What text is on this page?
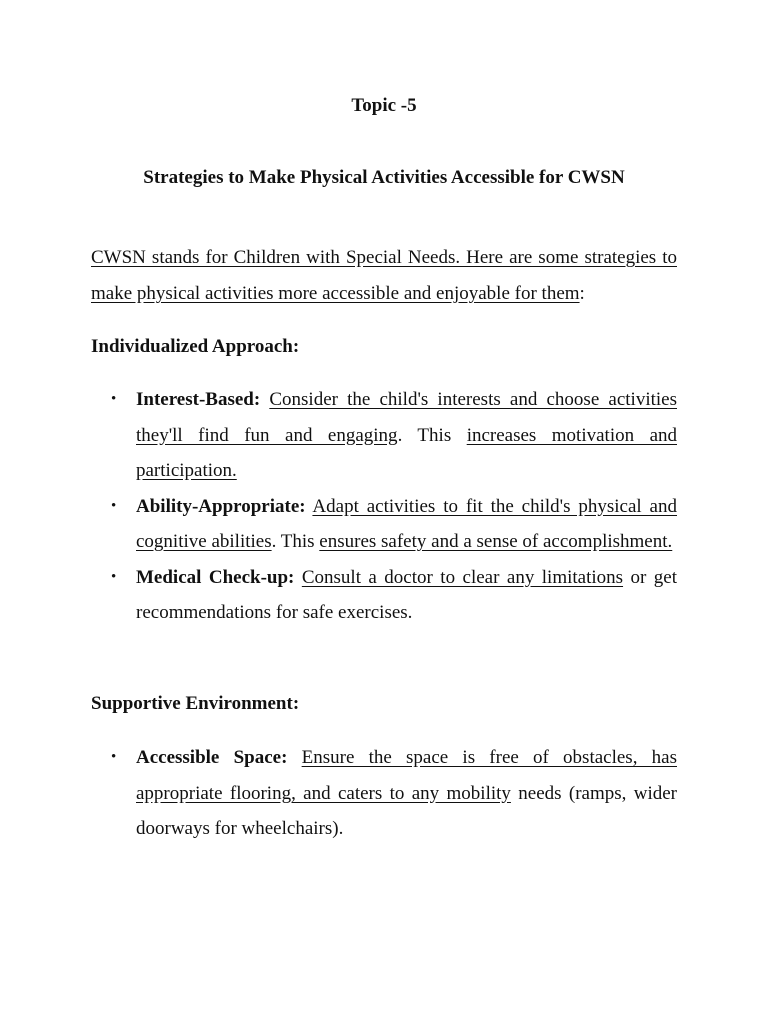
Topic -5
Strategies to Make Physical Activities Accessible for CWSN

CWSN stands for Children with Special Needs. Here are some strategies to make physical activities more accessible and enjoyable for them:

Individualized Approach:
• Interest-Based: Consider the child's interests and choose activities they'll find fun and engaging. This increases motivation and participation.
• Ability-Appropriate: Adapt activities to fit the child's physical and cognitive abilities. This ensures safety and a sense of accomplishment.
• Medical Check-up: Consult a doctor to clear any limitations or get recommendations for safe exercises.
Supportive Environment:
• Accessible Space: Ensure the space is free of obstacles, has appropriate flooring, and caters to any mobility needs (ramps, wider doorways for wheelchairs).
